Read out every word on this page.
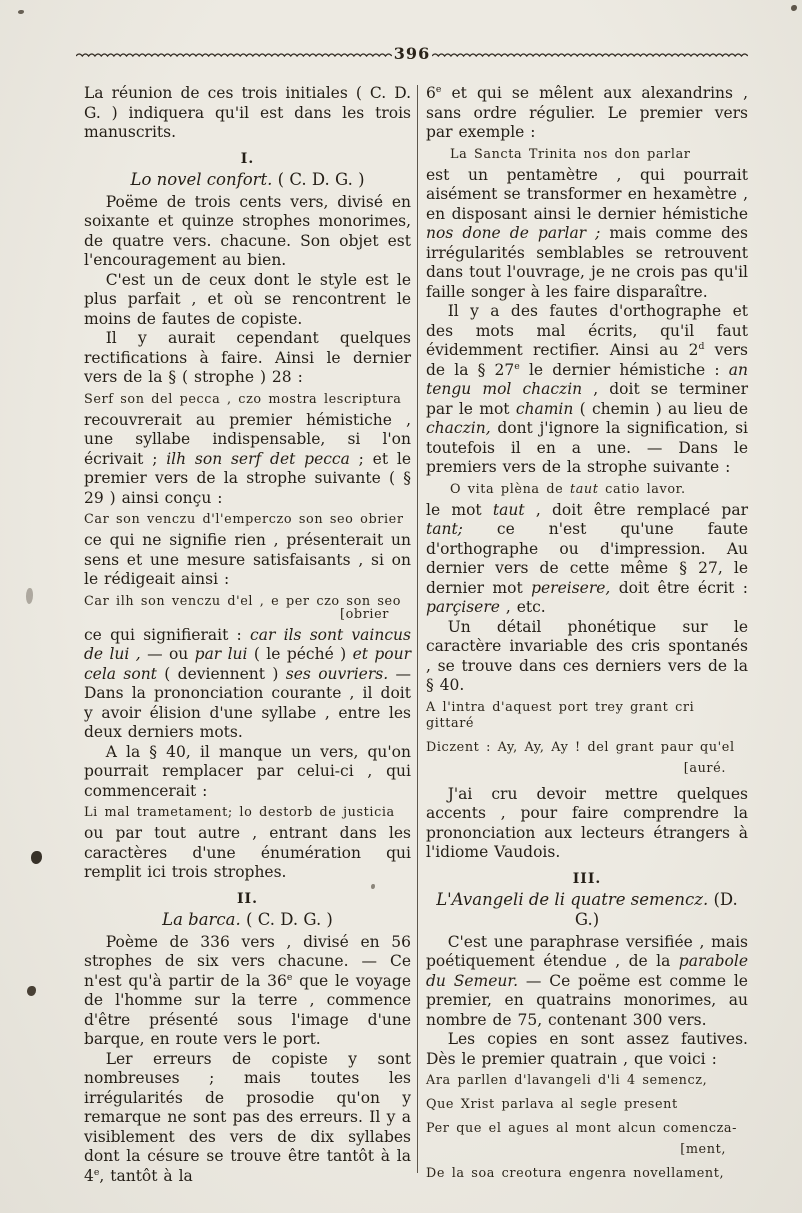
396

La réunion de ces trois initiales ( C. D. G. ) indiquera qu'il est dans les trois manuscrits.

I.
Lo novel confort. ( C. D. G. )

Poëme de trois cents vers, divisé en soixante et quinze strophes monorimes, de quatre vers. chacune. Son objet est l'encouragement au bien.

C'est un de ceux dont le style est le plus parfait , et où se rencontrent le moins de fautes de copiste.

Il y aurait cependant quelques rectifications à faire. Ainsi le dernier vers de la § ( strophe ) 28 :

Serf son del pecca , czo mostra lescriptura

recouvrerait au premier hémistiche , une syllabe indispensable, si l'on écrivait ; ilh son serf det pecca ; et le premier vers de la strophe suivante ( § 29 ) ainsi conçu :

Car son venczu d'l'emperczo son seo obrier

ce qui ne signifie rien , présenterait un sens et une mesure satisfaisants , si on le rédigeait ainsi :

Car ilh son venczu d'el , e per czo son seo
[obrier

ce qui signifierait : car ils sont vaincus de lui , — ou par lui ( le péché ) et pour cela sont ( deviennent ) ses ouvriers. — Dans la prononciation courante , il doit y avoir élision d'une syllabe , entre les deux derniers mots.

A la § 40, il manque un vers, qu'on pourrait remplacer par celui-ci , qui commencerait :

Li mal trametament; lo destorb de justicia

ou par tout autre , entrant dans les caractères d'une énumération qui remplit ici trois strophes.

II.
La barca. ( C. D. G. )

Poème de 336 vers , divisé en 56 strophes de six vers chacune. — Ce n'est qu'à partir de la 36e que le voyage de l'homme sur la terre , commence d'être présenté sous l'image d'une barque, en route vers le port.

Ler erreurs de copiste y sont nombreuses ; mais toutes les irrégularités de prosodie qu'on y remarque ne sont pas des erreurs. Il y a visiblement des vers de dix syllabes dont la césure se trouve être tantôt à la 4e, tantôt à la

6e et qui se mêlent aux alexandrins , sans ordre régulier. Le premier vers par exemple :

La Sancta Trinita nos don parlar

est un pentamètre , qui pourrait aisément se transformer en hexamètre , en disposant ainsi le dernier hémistiche nos done de parlar ; mais comme des irrégularités semblables se retrouvent dans tout l'ouvrage, je ne crois pas qu'il faille songer à les faire disparaître.

Il y a des fautes d'orthographe et des mots mal écrits, qu'il faut évidemment rectifier. Ainsi au 2$^d$ vers de la § 27e le dernier hémistiche : an tengu mol chaczin , doit se terminer par le mot chamin ( chemin ) au lieu de chaczin, dont j'ignore la signification, si toutefois il en a une. — Dans le premiers vers de la strophe suivante :

O vita plèna de taut catio lavor.

le mot taut , doit être remplacé par tant; ce n'est qu'une faute d'orthographe ou d'impression. Au dernier vers de cette même § 27, le dernier mot pereisere, doit être écrit : parçisere , etc.

Un détail phonétique sur le caractère invariable des cris spontanés , se trouve dans ces derniers vers de la § 40.

A l'intra d'aquest port trey grant cri gittaré
Diczent : Ay, Ay, Ay ! del grant paur qu'el
[auré.

J'ai cru devoir mettre quelques accents , pour faire comprendre la prononciation aux lecteurs étrangers à l'idiome Vaudois.

III.
L'Avangeli de li quatre semencz. (D. G.)

C'est une paraphrase versifiée , mais poétiquement étendue , de la parabole du Semeur. — Ce poëme est comme le premier, en quatrains monorimes, au nombre de 75, contenant 300 vers.

Les copies en sont assez fautives. Dès le premier quatrain , que voici :

Ara parllen d'lavangeli d'li 4 semencz,
Que Xrist parlava al segle present
Per que el agues al mont alcun comencza-
[ment,
De la soa creotura engenra novellament,
